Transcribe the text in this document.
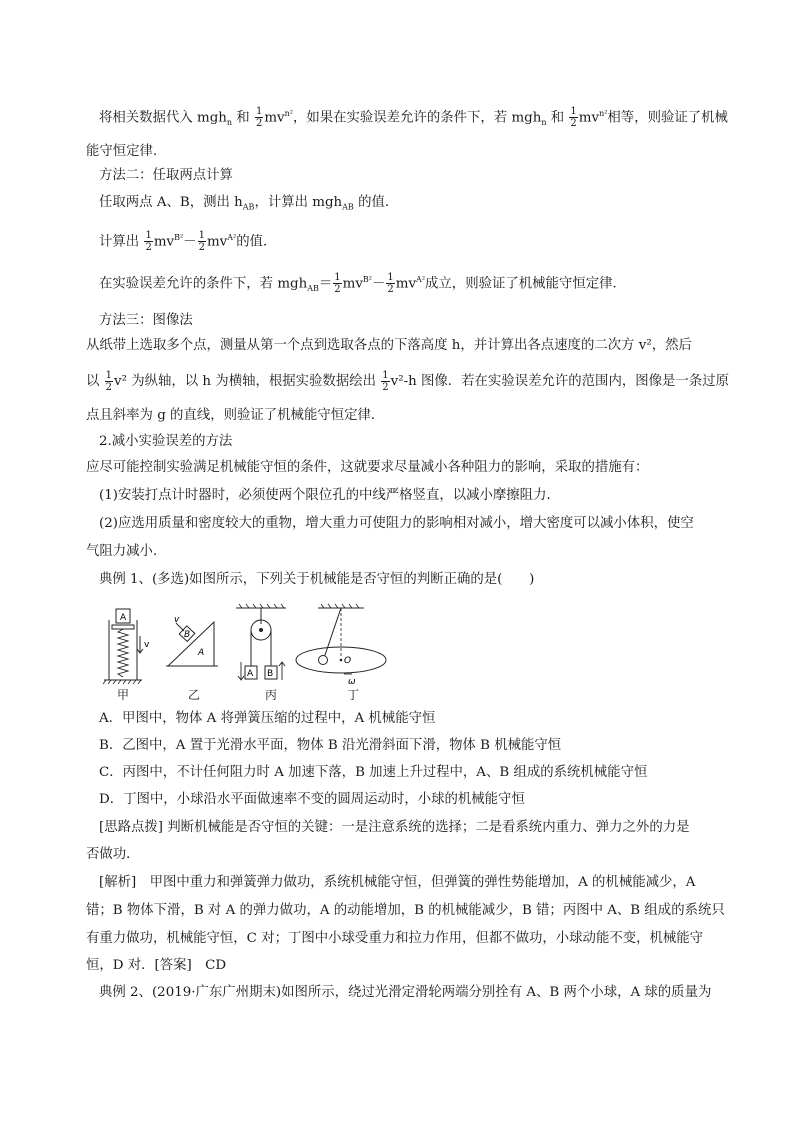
将相关数据代入 mgh$_n$ 和 $\frac{1}{2} mv^{n^2}$，如果在实验误差允许的条件下，若 mgh$_n$ 和 $\frac{1}{2} mv^{n^2}$相等，则验证了机械
能守恒定律．
方法二：任取两点计算
任取两点 A、B，测出 $h_{AB}$，计算出 mgh$_{AB}$ 的值．
计算出 $\frac{1}{2} mv^{B^2}- \frac{1}{2} mv^{A^2}$的值．
在实验误差允许的条件下，若 $mgh_{AB}= \frac{1}{2} mv^{B^2}- \frac{1}{2} mv^{A^2}$成立，则验证了机械能守恒定律．
方法三：图像法
从纸带上选取多个点，测量从第一个点到选取各点的下落高度 h，并计算出各点速度的二次方 v²，然后
以 $\frac{1}{2} v^2$ 为纵轴，以 h 为横轴，根据实验数据绘出 $\frac{1}{2} v^2-h$ 图像．若在实验误差允许的范围内，图像是一条过原
点且斜率为 g 的直线，则验证了机械能守恒定律．
2.减小实验误差的方法
应尽可能控制实验满足机械能守恒的条件，这就要求尽量减小各种阻力的影响，采取的措施有：
(1)安装打点计时器时，必须使两个限位孔的中线严格竖直，以减小摩擦阻力．
(2)应选用质量和密度较大的重物，增大重力可使阻力的影响相对减小，增大密度可以减小体积，使空
气阻力减小．
典例 1、(多选)如图所示，下列关于机械能是否守恒的判断正确的是(　　)
A
v
A
B
v
A B
O
ω
甲	乙	丙	丁
A．甲图中，物体 A 将弹簧压缩的过程中，A 机械能守恒
B．乙图中，A 置于光滑水平面，物体 B 沿光滑斜面下滑，物体 B 机械能守恒
C．丙图中，不计任何阻力时 A 加速下落，B 加速上升过程中，A、B 组成的系统机械能守恒
D．丁图中，小球沿水平面做速率不变的圆周运动时，小球的机械能守恒
[思路点拨] 判断机械能是否守恒的关键：一是注意系统的选择；二是看系统内重力、弹力之外的力是
否做功．
[解析]　甲图中重力和弹簧弹力做功，系统机械能守恒，但弹簧的弹性势能增加，A 的机械能减少，A
错；B 物体下滑，B 对 A 的弹力做功，A 的动能增加，B 的机械能减少，B 错；丙图中 A、B 组成的系统只
有重力做功，机械能守恒，C 对；丁图中小球受重力和拉力作用，但都不做功，小球动能不变，机械能守
恒，D 对．[答案]　CD
典例 2、(2019·广东广州期末)如图所示，绕过光滑定滑轮两端分别拴有 A、B 两个小球，A 球的质量为
